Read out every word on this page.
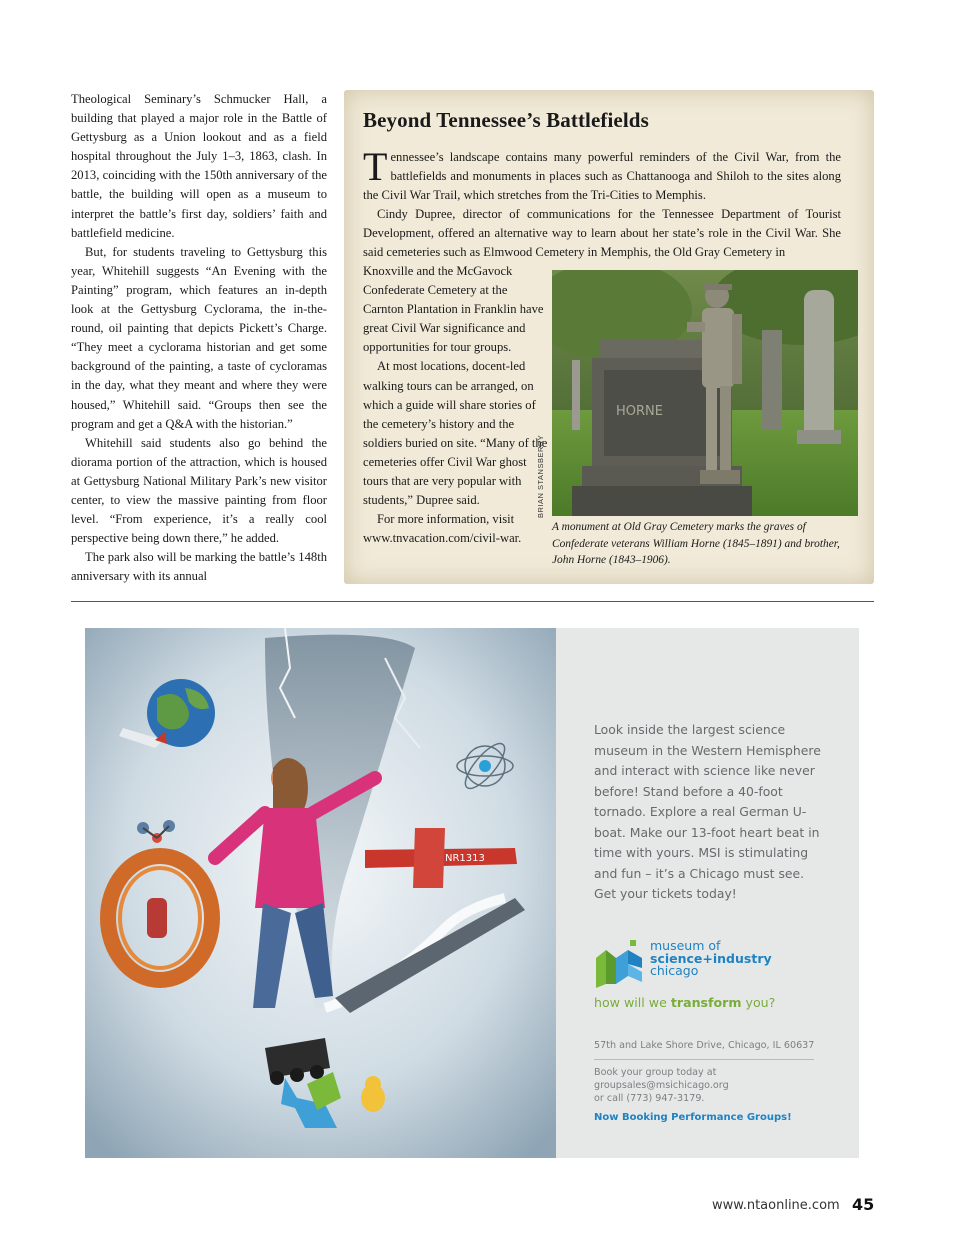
Theological Seminary’s Schmucker Hall, a building that played a major role in the Battle of Gettysburg as a Union lookout and as a field hospital throughout the July 1–3, 1863, clash. In 2013, coinciding with the 150th anniversary of the battle, the building will open as a museum to interpret the battle’s first day, soldiers’ faith and battlefield medicine.

But, for students traveling to Gettysburg this year, Whitehill suggests “An Evening with the Painting” program, which features an in-depth look at the Gettysburg Cyclorama, the in-the-round, oil painting that depicts Pickett’s Charge. “They meet a cyclorama historian and get some background of the painting, a taste of cycloramas in the day, what they meant and where they were housed,” Whitehill said. “Groups then see the program and get a Q&A with the historian.”

Whitehill said students also go behind the diorama portion of the attraction, which is housed at Gettysburg National Military Park’s new visitor center, to view the massive painting from floor level. “From experience, it’s a really cool perspective being down there,” he added.

The park also will be marking the battle’s 148th anniversary with its annual

Beyond Tennessee’s Battlefields

Tennessee’s landscape contains many powerful reminders of the Civil War, from the battlefields and monuments in places such as Chattanooga and Shiloh to the sites along the Civil War Trail, which stretches from the Tri-Cities to Memphis.

Cindy Dupree, director of communications for the Tennessee Department of Tourist Development, offered an alternative way to learn about her state’s role in the Civil War. She said cemeteries such as Elmwood Cemetery in Memphis, the Old Gray Cemetery in

Knoxville and the McGavock Confederate Cemetery at the Carnton Plantation in Franklin have great Civil War significance and opportunities for tour groups.

At most locations, docent-led walking tours can be arranged, on which a guide will share stories of the cemetery’s history and the soldiers buried on site. “Many of the cemeteries offer Civil War ghost tours that are very popular with students,” Dupree said.

For more information, visit www.tnvacation.com/civil-war.

BRIAN STANSBERRY
HORNE
A monument at Old Gray Cemetery marks the graves of Confederate veterans William Horne (1845–1891) and brother, John Horne (1843–1906).
NR1313
Look inside the largest science museum in the Western Hemisphere and interact with science like never before! Stand before a 40-foot tornado. Explore a real German U-boat. Make our 13-foot heart beat in time with yours. MSI is stimulating and fun – it’s a Chicago must see. Get your tickets today!
museum of
science+industry
chicago
how will we transform you?
57th and Lake Shore Drive, Chicago, IL 60637
Book your group today at
groupsales@msichicago.org
or call (773) 947-3179.
Now Booking Performance Groups!
www.ntaonline.com 45
